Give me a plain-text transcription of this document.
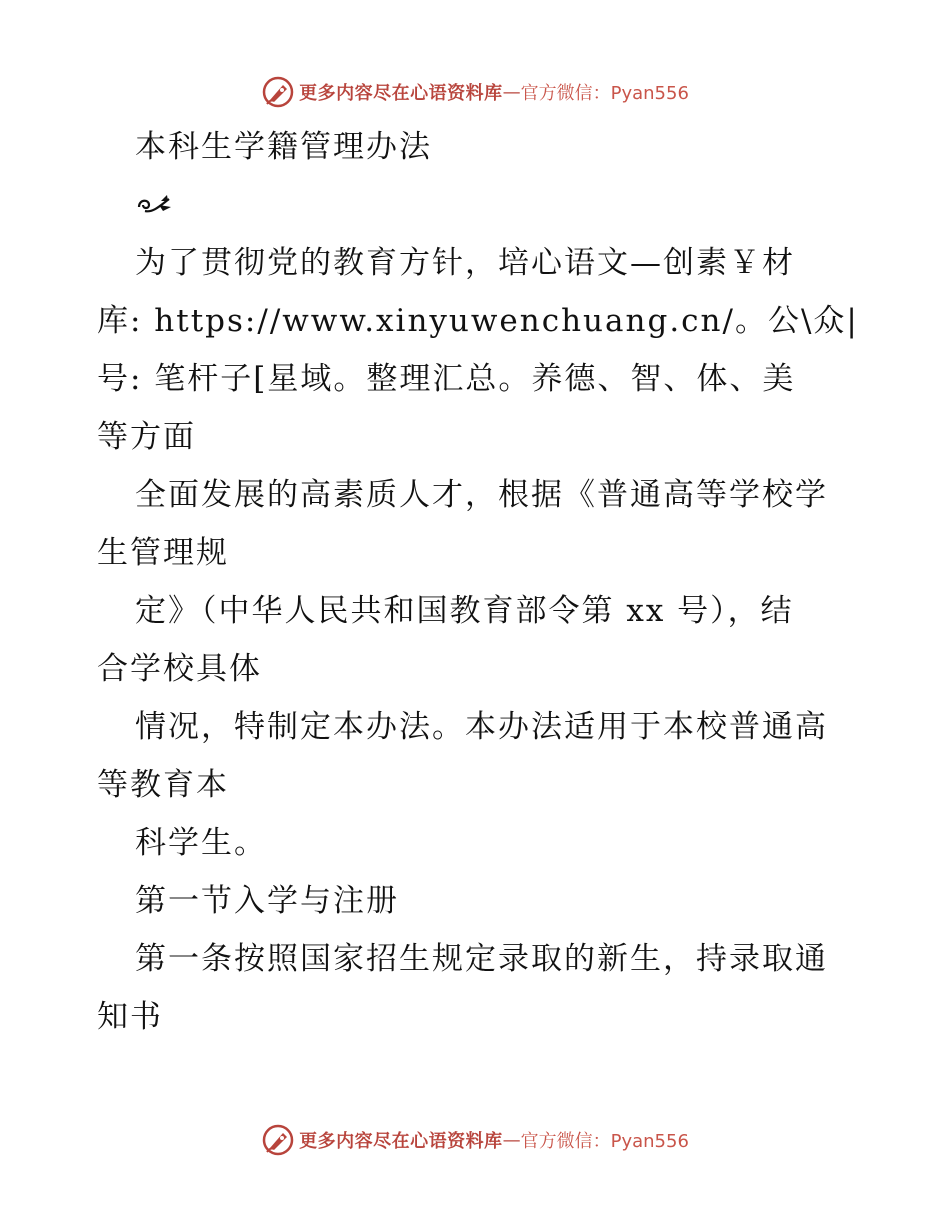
更多内容尽在心语资料库 — 官方微信：Pyan556
本科生学籍管理办法
为了贯彻党的教育方针，培心语文—创素￥材
库: https://www.xinyuwenchuang.cn/。公\众|
号: 笔杆子[星域。整理汇总。养德、智、体、美
等方面
全面发展的高素质人才，根据《普通高等学校学
生管理规
定》（中华人民共和国教育部令第 xx 号），结
合学校具体
情况，特制定本办法。本办法适用于本校普通高
等教育本
科学生。
第一节入学与注册
第一条按照国家招生规定录取的新生，持录取通
知书
更多内容尽在心语资料库 — 官方微信：Pyan556
